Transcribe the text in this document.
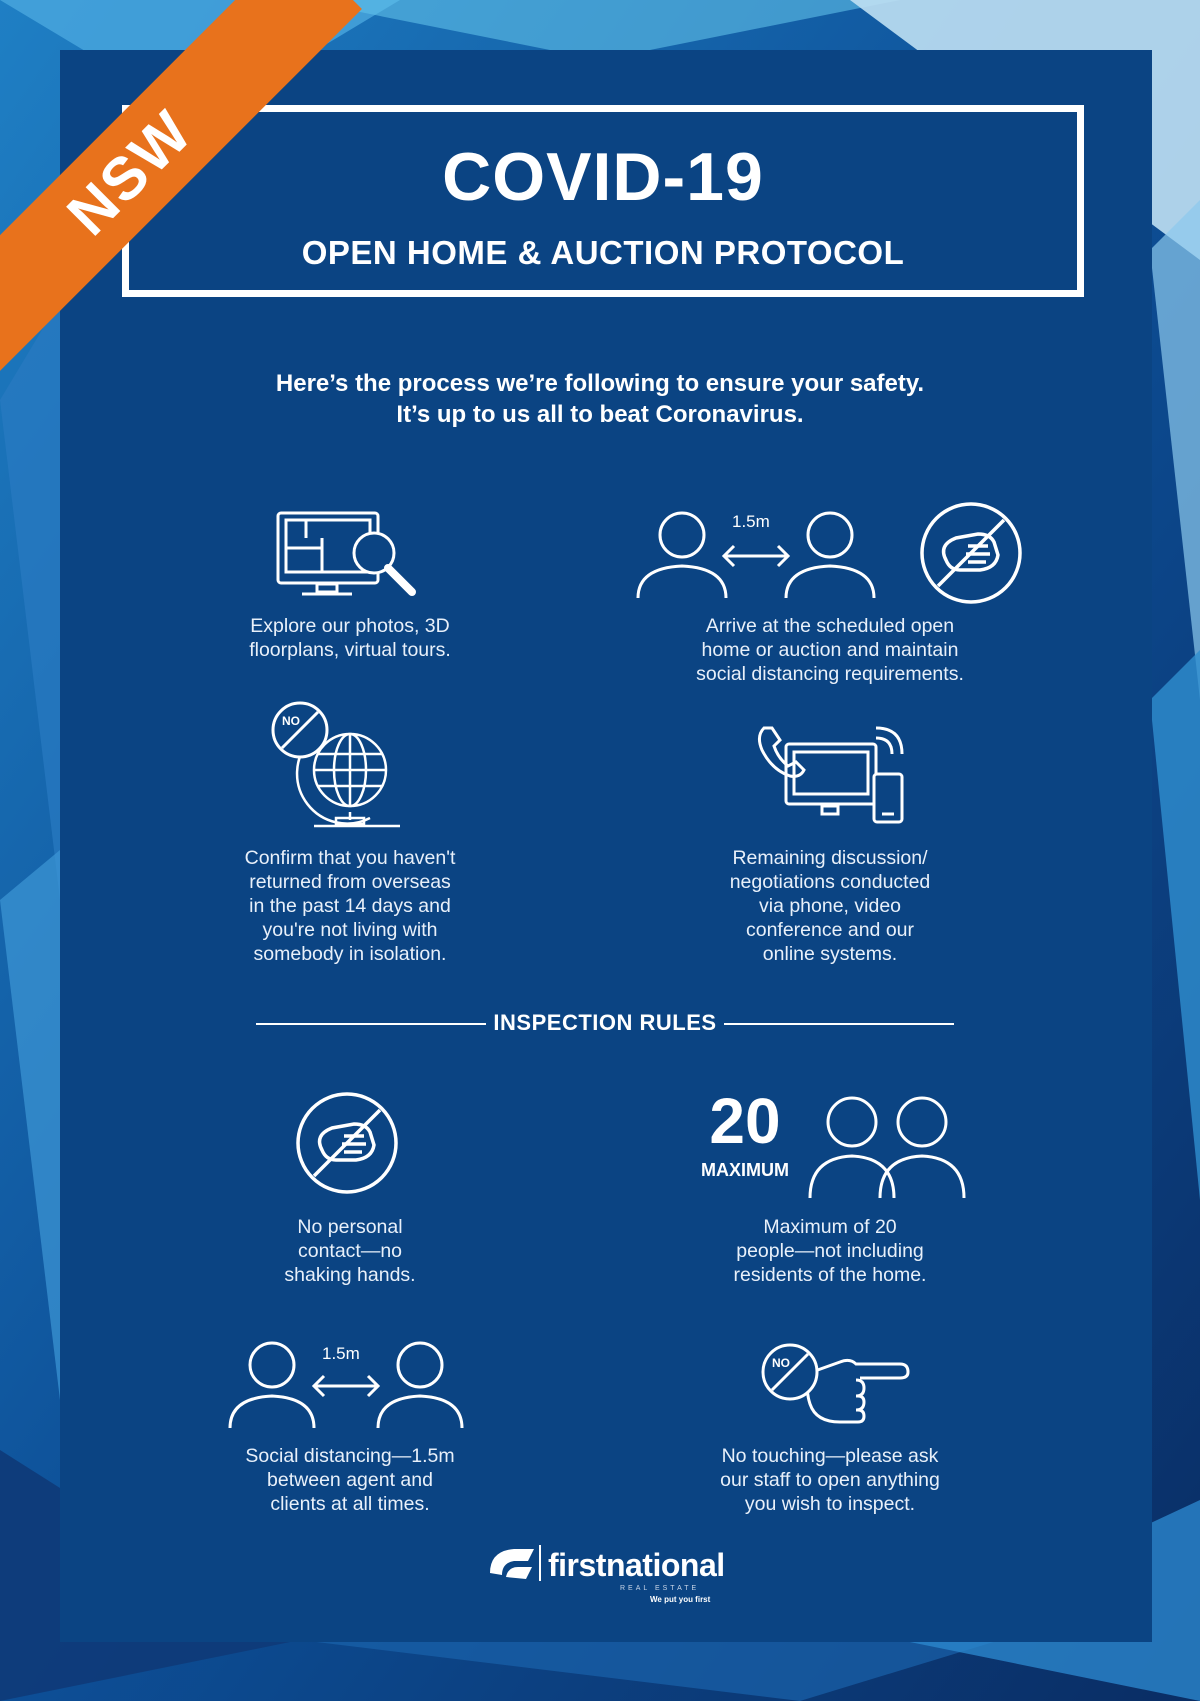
NSW	COVID-19
OPEN HOME & AUCTION PROTOCOL
Here’s the process we’re following to ensure your safety.
It’s up to us all to beat Coronavirus.
Explore our photos, 3D
floorplans, virtual tours.
1.5m
Arrive at the scheduled open
home or auction and maintain
social distancing requirements.
NO
Confirm that you haven't
returned from overseas
in the past 14 days and
you're not living with
somebody in isolation.
Remaining discussion/
negotiations conducted
via phone, video
conference and our
online systems.
INSPECTION RULES
No personal
contact—no
shaking hands.
20
MAXIMUM
Maximum of 20
people—not including
residents of the home.
1.5m
Social distancing—1.5m
between agent and
clients at all times.
NO
No touching—please ask
our staff to open anything
you wish to inspect.
firstnational
REAL ESTATE
We put you first
